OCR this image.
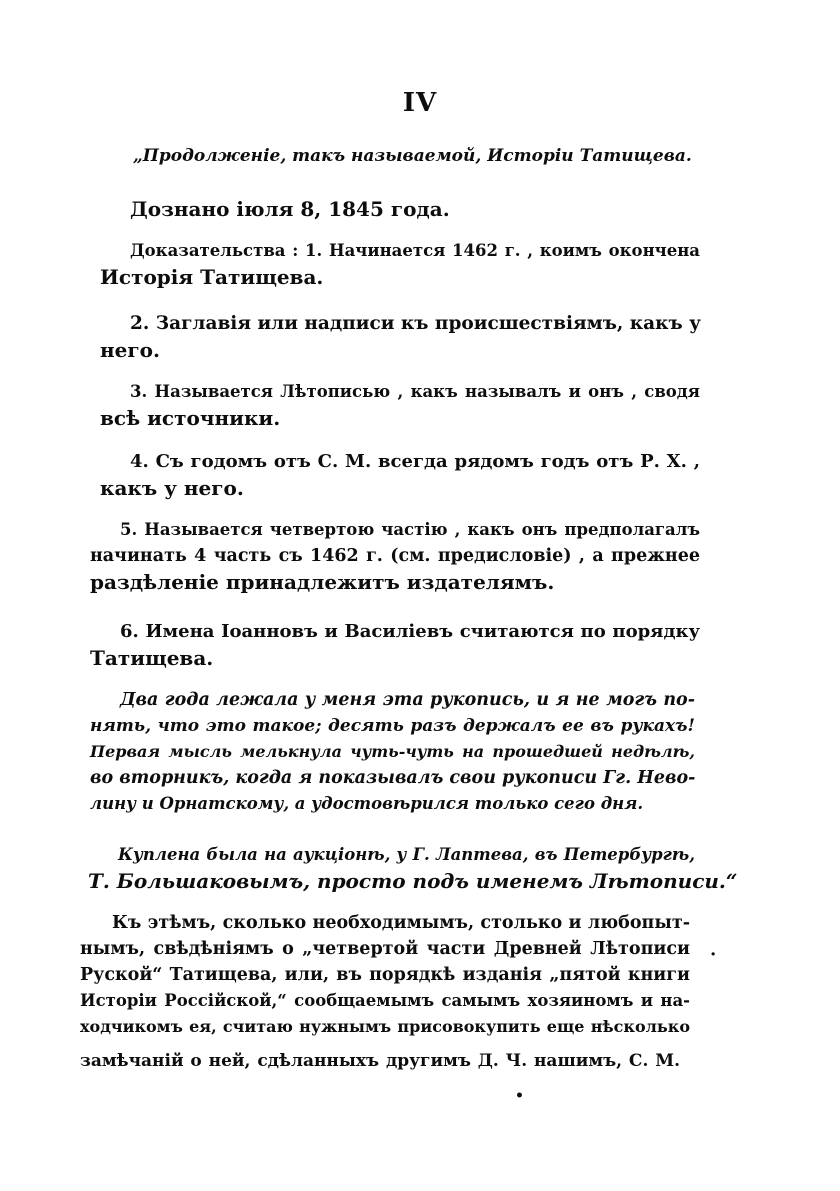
IV
„Продолженіе, такъ называемой, Исторіи Татищева.
Дознано іюля 8, 1845 года.
Доказательства : 1. Начинается 1462 г. , коимъ окончена
Исторія Татищева.
2. Заглавія или надписи къ происшествіямъ, какъ у
него.
3. Называется Лѣтописью , какъ называлъ и онъ , сводя
всѣ источники.
4. Съ годомъ отъ С. М. всегда рядомъ годъ отъ Р. Х. ,
какъ у него.
5. Называется четвертою частію , какъ онъ предполагалъ
начинать 4 часть съ 1462 г. (см. предисловіе) , а прежнее
раздѣленіе принадлежитъ издателямъ.
6. Имена Іоанновъ и Василіевъ считаются по порядку
Татищева.
Два года лежала у меня эта рукопись, и я не могъ по-
нять, что это такое; десять разъ держалъ ее въ рукахъ!
Первая мысль мелькнула чуть-чуть на прошедшей недѣлѣ,
во вторникъ, когда я показывалъ свои рукописи Гг. Нево-
лину и Орнатскому, а удостовѣрился только сего дня.
Куплена была на аукціонѣ, у Г. Лаптева, въ Петербургѣ,
Т. Большаковымъ, просто подъ именемъ Лѣтописи.“
Къ этѣмъ, сколько необходимымъ, столько и любопыт-
нымъ, свѣдѣніямъ о „четвертой части Древней Лѣтописи
Руской“ Татищева, или, въ порядкѣ изданія „пятой книги
Исторіи Россійской,“ сообщаемымъ самымъ хозяиномъ и на-
ходчикомъ ея, считаю нужнымъ присовокупить еще нѣсколько
замѣчаній о ней, сдѣланныхъ другимъ Д. Ч. нашимъ, С. М.
·
•
